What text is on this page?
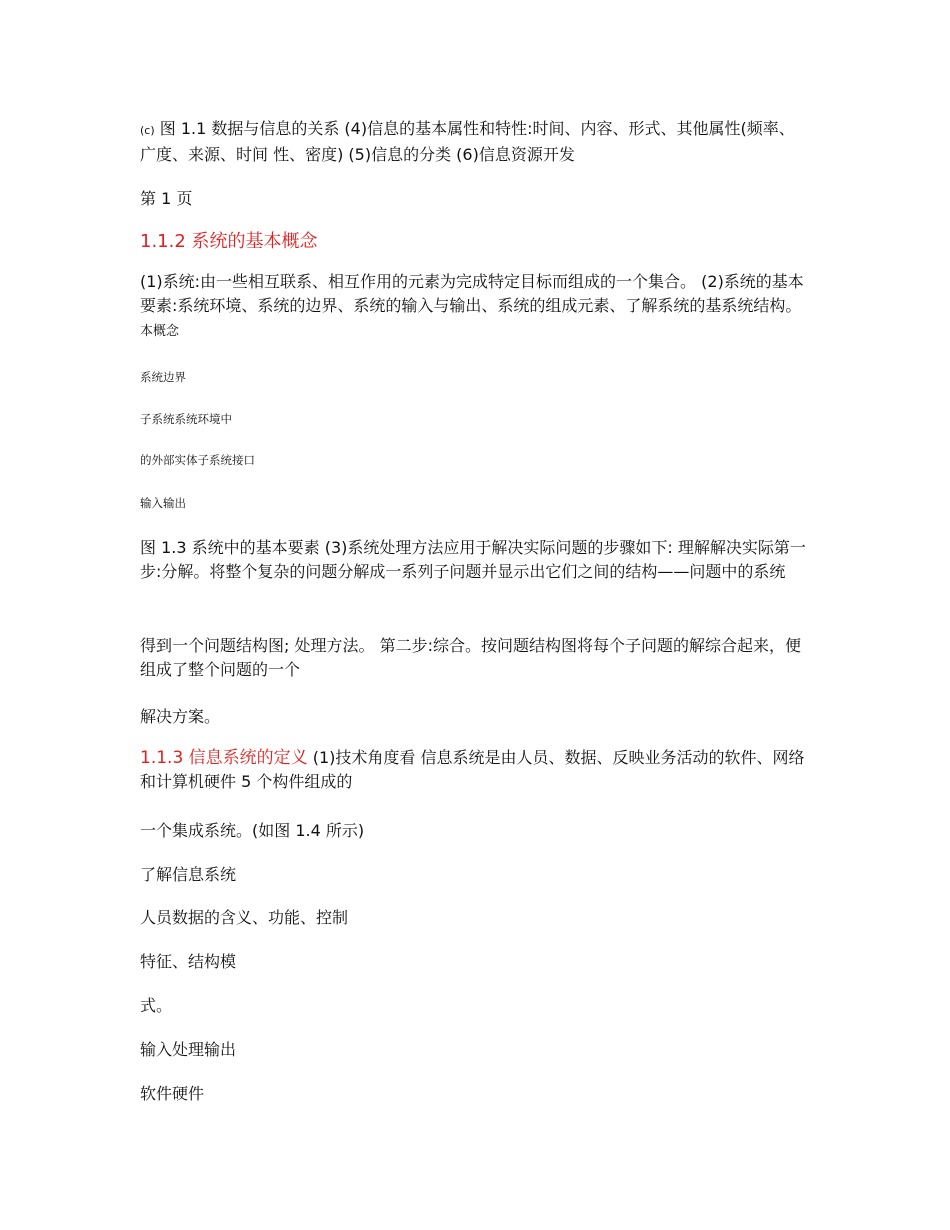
(c) 图 1.1 数据与信息的关系 (4)信息的基本属性和特性:时间、内容、形式、其他属性(频率、广度、来源、时间 性、密度) (5)信息的分类 (6)信息资源开发

第 1 页

1.1.2 系统的基本概念

(1)系统:由一些相互联系、相互作用的元素为完成特定目标而组成的一个集合。 (2)系统的基本要素:系统环境、系统的边界、系统的输入与输出、系统的组成元素、了解系统的基系统结构。 本概念

系统边界

子系统系统环境中

的外部实体子系统接口

输入输出

图 1.3 系统中的基本要素 (3)系统处理方法应用于解决实际问题的步骤如下: 理解解决实际第一步:分解。将整个复杂的问题分解成一系列子问题并显示出它们之间的结构——问题中的系统

得到一个问题结构图; 处理方法。 第二步:综合。按问题结构图将每个子问题的解综合起来，便组成了整个问题的一个

解决方案。

1.1.3 信息系统的定义 (1)技术角度看 信息系统是由人员、数据、反映业务活动的软件、网络和计算机硬件 5 个构件组成的

一个集成系统。(如图 1.4 所示)

了解信息系统

人员数据的含义、功能、控制

特征、结构模

式。

输入处理输出

软件硬件
